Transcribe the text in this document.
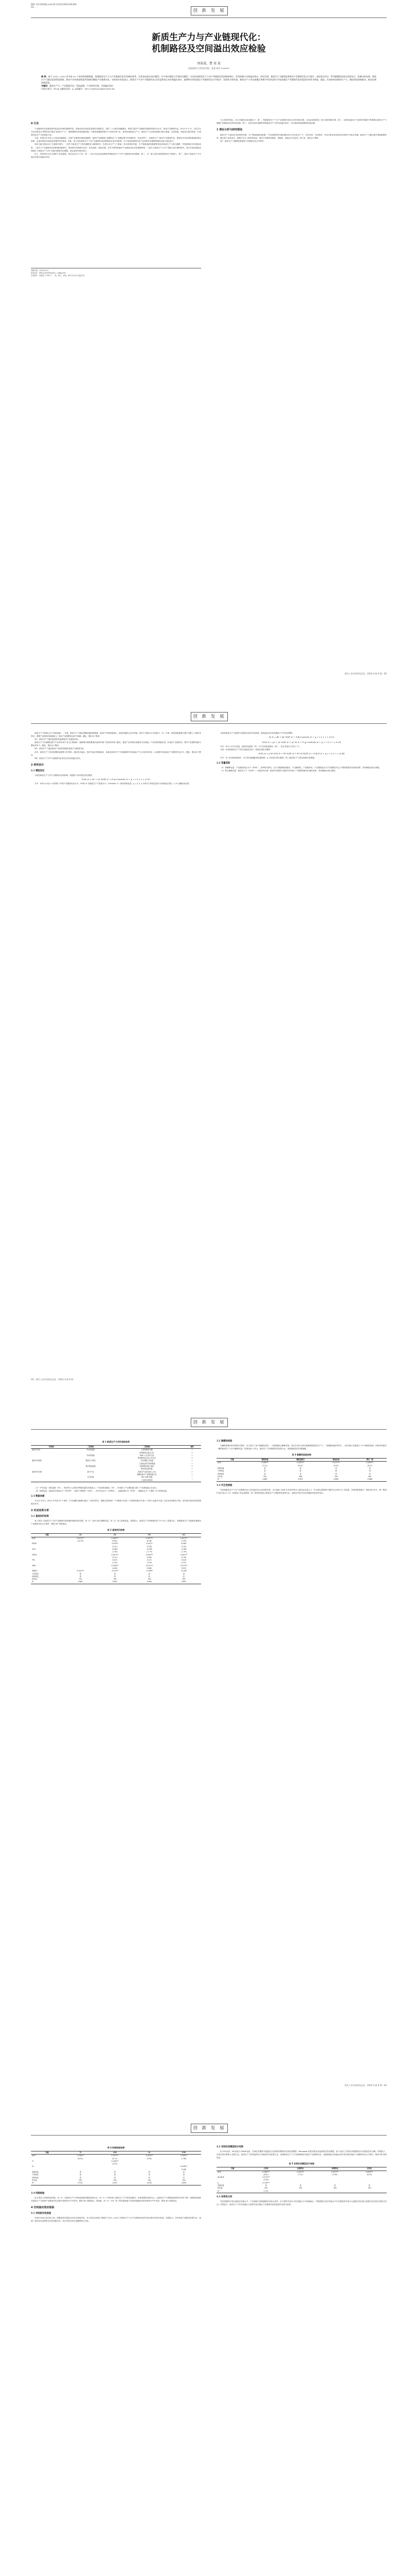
DOI: 10.16190/j.cnki.45-1211/f.2024.09.004
SS：...
创 新 发 展
新质生产力与产业链现代化：
机制路径及空间溢出效应检验
刘某某，曹 某 某
（某某财经大学经济学院 , 某省 某市 100000）
摘 要：基于 2012—2022 年中国 30 个省份的面板数据，构建新质生产力与产业链现代化评价指标体系，运用双向固定效应模型、中介效应模型与空间杜宾模型，实证检验新质生产力对产业链现代化的影响效应、作用机制与空间溢出效应。研究发现：新质生产力能够显著推动产业链现代化水平提升，该结论在经过一系列稳健性检验后依然成立；机制分析表明，新质生产力通过促进科技创新、推动产业结构高级化两条路径赋能产业链现代化；空间效应检验显示，新质生产力对产业链现代化具有显著的正向空间溢出效应，能够带动邻近地区产业链现代化水平提升；异质性分析发现，新质生产力对东部地区和数字经济发展水平较高地区产业链现代化的促进作用更为明显。据此，应加快培育新质生产力，强化科技创新驱动，推动区域协调发展。
关键词：新质生产力；产业链现代化；科技创新；产业结构升级；空间溢出效应
中图分类号：F124 文献标识码：A 文章编号：1672-2000(2024)09-0010-06
0 引言
产业链现代化是建设现代化经济体系的重要内容，是推动经济高质量发展的关键所在。党的二十大报告明确提出，要着力提升产业链供应链韧性和安全水平，推动产业链现代化。2023 年 9 月，习近平总书记在黑龙江考察时首次提出“新质生产力”，强调要整合科技创新资源，引领发展战略性新兴产业和未来产业，加快形成新质生产力。新质生产力以科技创新为核心要素，以高效能、高质量为基本特征，代表着先进生产力的演进方向。
当前，世界百年未有之大变局加速演进，全球产业链供应链加速重构，我国产业链面临“低端锁定”与“高端封锁”的双重挤压。在此背景下，以新质生产力推动产业链现代化，既是应对外部风险挑战的现实需要，也是实现经济高质量发展的内在要求。因此，深入探究新质生产力对产业链现代化的影响效应及作用机制，对于加快构建现代化产业体系具有重要的理论价值与现实意义。
现有文献主要从以下方面展开研究：一是关于新质生产力的内涵特征与测度研究，学者们从生产力三要素、技术革命性突破、生产要素创新性配置等视角对新质生产力进行阐释，并构建相应评价指标体系；二是关于产业链现代化的影响因素研究，现有研究发现数字经济、技术创新、营商环境、对外开放等因素对产业链现代化具有重要影响；三是关于新质生产力与产业链之间关系的研究，部分学者从理论层面探讨了新质生产力对产业链升级的作用逻辑，但实证研究相对较少。
综上，现有研究为本文提供了有益借鉴，但仍存在以下不足：第一，较少从实证层面系统考察新质生产力对产业链现代化的影响；第二，对二者之间作用机制的探讨不够深入；第三，忽视了新质生产力可能存在的空间溢出效应。
与已有研究相比，本文可能的边际贡献在于：第一，构建新质生产力与产业链现代化综合评价指标体系，从实证层面检验二者之间的因果关系；第二，从科技创新与产业结构升级两个维度揭示新质生产力赋能产业链现代化的作用机制；第三，运用空间计量模型考察新质生产力的空间溢出效应，为区域协调发展提供经验证据。
1 理论分析与研究假设
新质生产力是由技术革命性突破、生产要素创新性配置、产业深度转型升级而催生的当代先进生产力，以劳动者、劳动资料、劳动对象及其优化组合的跃升为基本内涵。新质生产力通过提升要素配置效率、催生新产业新业态、重塑产业分工格局等途径，推动产业链向高端化、智能化、绿色化方向迈进。基于此，提出以下假设：
H1：新质生产力能够显著促进产业链现代化水平提升。
收稿日期：2024-06-12
基金项目：国家社会科学基金项目（23BJL000）
作者简介：刘某某（1990—），男，博士，讲师，研究方向为产业经济学。
现代工业经济和信息化 · 2024 年第 9 期 · XX
创 新 发 展
新质生产力的核心在于科技创新。一方面，新质生产力通过集聚高端创新要素、促进产学研深度融合，加速关键核心技术突破，提升产业链自主可控能力；另一方面，科技创新能够打通产业链上下游技术堵点，增强产业链协同创新能力，推动产业链整体迈向中高端。据此，提出以下假设：
H2：新质生产力通过促进科技创新推动产业链现代化。
新质生产力以战略性新兴产业和未来产业为主要载体，能够推动资源要素从低效率部门向高效率部门流动，促进产业结构向高级化方向演进。产业结构高级化进一步优化产业链布局，提升产业链附加值与整体竞争力。据此，提出以下假设：
H3：新质生产力通过推动产业结构高级化促进产业链现代化。
此外，新质生产力具有较强的渗透性与扩散性。通过技术溢出、知识外溢与要素流动，本地区新质生产力发展能够对邻近地区产生示范带动效应，从而提升周边地区产业链现代化水平。据此，提出以下假设：
H4：新质生产力对产业链现代化具有正向空间溢出效应。
2 研究设计
2.1 模型设定
为检验新质生产力对产业链现代化的影响，构建如下双向固定效应模型：
ICM_it = α0 + α1 NQP_it + Σ αj Controls_it + μ_i + λ_t + ε_it (1)
式中：ICM_it 表示 i 省份第 t 年的产业链现代化水平；NQP_it 为新质生产力发展水平；Controls 为一系列控制变量；μ_i 与 λ_t 分别为个体固定效应与时间固定效应；ε_it 为随机扰动项。
为检验新质生产力影响产业链现代化的作用机制，借鉴逐步回归法构建如下中介效应模型：
M_it = β0 + β1 NQP_it + Σ βj Controls_it + μ_i + λ_t + ε_it (2)
ICM_it = γ0 + γ1 NQP_it + γ2 M_it + Σ γj Controls_it + μ_i + λ_t + ε_it (3)
式中：M_it 为中介变量，包括科技创新（TI）与产业结构高级化（IS），其余变量含义同式（1）。
为进一步检验新质生产力的空间溢出效应，构建空间杜宾模型：
ICM_it = ρ W ICM_it + θ1 NQP_it + θ2 W NQP_it + Σ θj X_it + μ_i + λ_t + ε_it (4)
式中：W 为空间权重矩阵，本文采用地理距离权重矩阵；ρ 为空间自回归系数；θ2 为新质生产力的空间滞后项系数。
2.2 变量选取
（1）被解释变量：产业链现代化水平（ICM）。参考相关研究，从产业链基础高级化、产业链韧性、产业链协同、产业链绿色化与产业链数字化五个维度构建评价指标体系，采用熵值法进行测度。
（2）核心解释变量：新质生产力（NQP）。从新质劳动者、新质劳动资料与新质劳动对象三个维度构建评价指标体系，采用熵值法进行测度。
XX · 现代工业经济和信息化 · 2024 年第 9 期
创 新 发 展
表 1 新质生产力评价指标体系
一级指标	二级指标	三级指标	属性
新质劳动者	劳动者素质	人均受教育年限	+
		高等教育在校生占比	+
	劳动者技能	R&D 人员全时当量	+
		科技服务业从业人员占比	+
新质劳动资料	物质生产资料	人均机器人安装量	+
		工业固定资产投资增速	+
	数字基础设施	互联网宽带接入端口	+
		移动电话基站数	+
新质劳动对象	新兴产业	高技术产业营业收入占比	+
		战略性新兴产业增加值占比	+
	生态环境	单位 GDP 能耗	−
		工业废水排放量	−
（3）中介变量：科技创新（TI），采用每万人发明专利授权量的对数表示；产业结构高级化（IS），采用第三产业增加值与第二产业增加值之比表示。
（4）控制变量：选取经济发展水平（PGDP）、政府干预程度（GOV）、对外开放水平（OPEN）、金融发展水平（FIN）、城镇化水平（URB）作为控制变量。
2.3 数据来源
本文以 2012—2022 年中国 30 个省份（不含西藏与港澳台地区）为研究样本，数据主要来源于《中国统计年鉴》《中国科技统计年鉴》《中国工业统计年鉴》以及各省份统计年鉴，部分缺失值采用线性插值法补齐。
3 实证结果分析
3.1 基准回归结果
表 2 报告了新质生产力对产业链现代化影响的基准回归结果。列（1）仅纳入核心解释变量，列（2）加入控制变量。结果显示，新质生产力的系数均在 1% 水平上显著为正，表明新质生产力能够显著推动产业链现代化水平提升，假设 H1 得到验证。
表 2 基准回归结果
变量	(1)	(2)	(3)	(4)
NQP	0.612***	0.483***	0.457***	0.421***
	(12.35)	(9.82)	(8.76)	(7.93)
PGDP		0.035**	0.031**	0.028*
		(2.41)	(2.18)	(1.92)
GOV		-0.082*	-0.076*	-0.069
		(-1.87)	(-1.73)	(-1.55)
OPEN		0.047***	0.044***	0.041***
		(3.12)	(2.96)	(2.78)
FIN		0.019	0.017	0.016
		(1.42)	(1.29)	(1.21)
URB		0.128***	0.121***	0.115***
		(4.06)	(3.88)	(3.67)
常数项	0.102***	-0.215**	-0.198**	-0.183*
个体固定	是	是	是	是
时间固定	是	是	是	是
样本量	330	330	330	330
R²	0.862	0.891	0.894	0.897
3.2 稳健性检验
为确保基准回归结果的可靠性，本文进行了如下稳健性检验：一是替换核心解释变量，采用主成分分析法重新测度新质生产力；二是剔除直辖市样本；三是对核心变量进行 1% 的缩尾处理；四是采用滞后一期的新质生产力作为解释变量。结果如表 3 所示，新质生产力的系数依然显著为正，表明基准回归结果稳健。
表 3 稳健性检验结果
变量	替换变量	剔除直辖市	缩尾处理	滞后一期
NQP	0.396***	0.452***	0.471***	0.438***
	(7.21)	(8.14)	(9.03)	(8.27)
控制变量	是	是	是	是
个体固定	是	是	是	是
时间固定	是	是	是	是
样本量	330	286	330	300
R²	0.885	0.893	0.890	0.888
3.3 内生性检验
考虑到新质生产力与产业链现代化之间可能存在反向因果关系，本文选取 1984 年各省份每百人邮电业务量与上一年全国互联网用户数的交互项作为工具变量，采用两阶段最小二乘法进行估计。第一阶段 F 统计量大于 10，拒绝弱工具变量假设；第二阶段结果显示新质生产力系数依然显著为正，表明在考虑内生性问题后结论依然成立。
现代工业经济和信息化 · 2024 年第 9 期 · XX
创 新 发 展
表 4 机制检验结果
变量	TI	ICM	IS	ICM
NQP	1.236***	0.352***	0.418***	0.396***
	(8.45)	(6.71)	(5.92)	(7.08)
TI		0.106***		
		(4.23)		
IS				0.208***
				(3.56)
控制变量	是	是	是	是
个体固定	是	是	是	是
时间固定	是	是	是	是
样本量	330	330	330	330
R²	0.912	0.903	0.876	0.899
3.4 机制检验
表 4 报告了机制检验结果。列（1）中新质生产力对科技创新的系数显著为正，列（2）中同时纳入新质生产力与科技创新后，两者系数均显著为正，且新质生产力系数较基准回归有所下降，表明科技创新在新质生产力影响产业链现代化过程中发挥部分中介作用，假设 H2 得到验证。类似地，列（3）与列（4）的结果表明产业结构高级化同样发挥部分中介作用，假设 H3 得到验证。
4 空间溢出效应检验
4.1 空间相关性检验
在进行空间计量分析之前，需要检验变量是否存在空间相关性。本文采用全局莫兰指数对 2012—2022 年新质生产力与产业链现代化的空间自相关性进行检验。结果显示，各年份莫兰指数均显著为正，表明二者均存在显著的正向空间相关性，适合采用空间计量模型进行分析。
4.2 空间杜宾模型估计结果
经 LM 检验、LR 检验与 Wald 检验，空间杜宾模型不能退化为空间滞后模型或空间误差模型；Hausman 检验结果支持选择固定效应模型。表 5 报告了空间杜宾模型的估计结果及效应分解。结果显示，空间自回归系数 ρ 显著为正，新质生产力的直接效应与间接效应均显著为正，表明新质生产力不仅能够促进本地区产业链现代化，还能够通过空间溢出效应带动邻近地区产业链现代化水平提升，假设 H4 得到验证。
表 5 空间杜宾模型估计结果
变量	主效应	直接效应	间接效应	总效应
NQP	0.386***	0.402***	0.257***	0.659***
	(6.87)	(7.12)	(3.45)	(6.23)
W×NQP	0.213***			
	(3.08)			
ρ	0.178***			
控制变量	是	是	是	是
样本量	330	330	330	330
R²	0.742			
4.3 异质性分析
考虑到我国不同区域经济发展水平、产业基础与资源禀赋存在较大差异，本文将样本划分为东部地区与中西部地区，并按照数字经济发展水平中位数将样本划分为高数字经济组与低数字经济组分别进行回归。结果显示，新质生产力对东部地区与高数字经济地区产业链现代化的促进作用更为显著。
